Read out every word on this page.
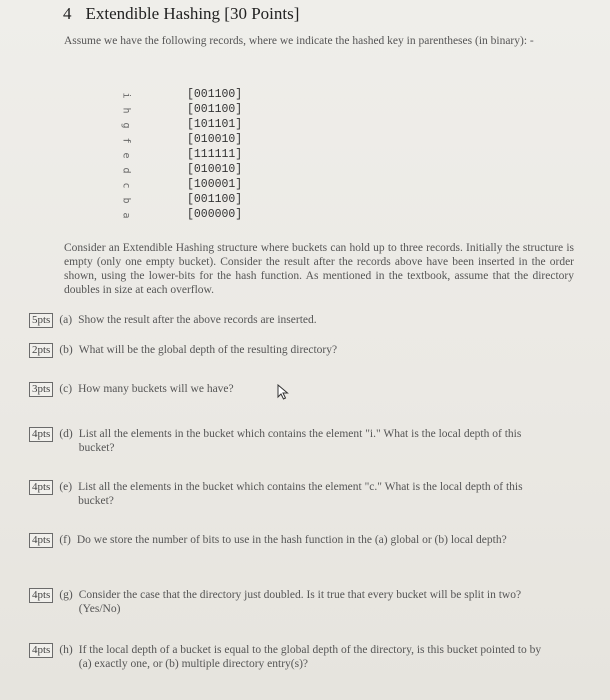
4 Extendible Hashing [30 Points]
Assume we have the following records, where we indicate the hashed key in parentheses (in binary): -
i	[001100]
h	[001100]
g	[101101]
f	[010010]
e	[111111]
d	[010010]
c	[100001]
b	[001100]
a	[000000]
Consider an Extendible Hashing structure where buckets can hold up to three records. Initially the structure is empty (only one empty bucket). Consider the result after the records above have been inserted in the order shown, using the lower-bits for the hash function. As mentioned in the textbook, assume that the directory doubles in size at each overflow.
5pts (a) Show the result after the above records are inserted.
2pts (b) What will be the global depth of the resulting directory?
3pts (c) How many buckets will we have?
4pts (d) List all the elements in the bucket which contains the element "i." What is the local depth of this bucket?
4pts (e) List all the elements in the bucket which contains the element "c." What is the local depth of this bucket?
4pts (f) Do we store the number of bits to use in the hash function in the (a) global or (b) local depth?
4pts (g) Consider the case that the directory just doubled. Is it true that every bucket will be split in two? (Yes/No)
4pts (h) If the local depth of a bucket is equal to the global depth of the directory, is this bucket pointed to by (a) exactly one, or (b) multiple directory entry(s)?
